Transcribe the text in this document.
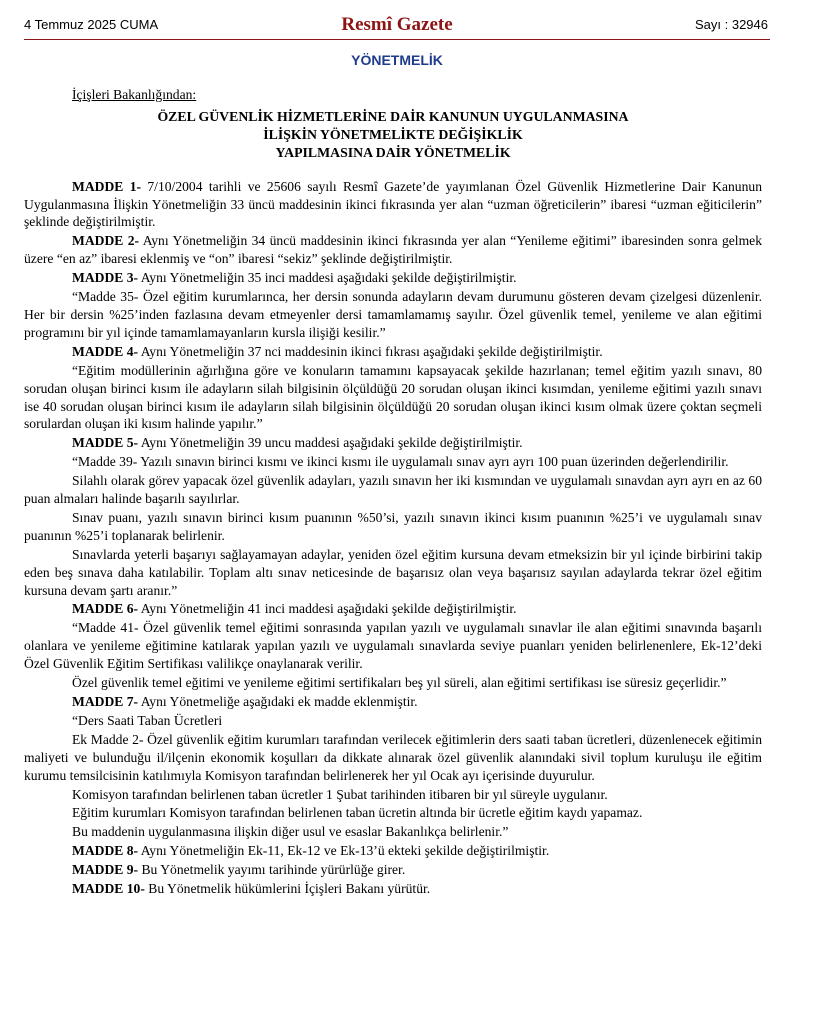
4 Temmuz 2025 CUMA	Resmî Gazete	Sayı : 32946
YÖNETMELİK
İçişleri Bakanlığından:
ÖZEL GÜVENLİK HİZMETLERİNE DAİR KANUNUN UYGULANMASINA
İLİŞKİN YÖNETMELİKTE DEĞİŞİKLİK
YAPILMASINA DAİR YÖNETMELİK

MADDE 1- 7/10/2004 tarihli ve 25606 sayılı Resmî Gazete’de yayımlanan Özel Güvenlik Hizmetlerine Dair Kanunun Uygulanmasına İlişkin Yönetmeliğin 33 üncü maddesinin ikinci fıkrasında yer alan “uzman öğreticilerin” ibaresi “uzman eğiticilerin” şeklinde değiştirilmiştir.

MADDE 2- Aynı Yönetmeliğin 34 üncü maddesinin ikinci fıkrasında yer alan “Yenileme eğitimi” ibaresinden sonra gelmek üzere “en az” ibaresi eklenmiş ve “on” ibaresi “sekiz” şeklinde değiştirilmiştir.

MADDE 3- Aynı Yönetmeliğin 35 inci maddesi aşağıdaki şekilde değiştirilmiştir.

“Madde 35- Özel eğitim kurumlarınca, her dersin sonunda adayların devam durumunu gösteren devam çizelgesi düzenlenir. Her bir dersin %25’inden fazlasına devam etmeyenler dersi tamamlamamış sayılır. Özel güvenlik temel, yenileme ve alan eğitimi programını bir yıl içinde tamamlamayanların kursla ilişiği kesilir.”

MADDE 4- Aynı Yönetmeliğin 37 nci maddesinin ikinci fıkrası aşağıdaki şekilde değiştirilmiştir.

“Eğitim modüllerinin ağırlığına göre ve konuların tamamını kapsayacak şekilde hazırlanan; temel eğitim yazılı sınavı, 80 sorudan oluşan birinci kısım ile adayların silah bilgisinin ölçüldüğü 20 sorudan oluşan ikinci kısımdan, yenileme eğitimi yazılı sınavı ise 40 sorudan oluşan birinci kısım ile adayların silah bilgisinin ölçüldüğü 20 sorudan oluşan ikinci kısım olmak üzere çoktan seçmeli sorulardan oluşan iki kısım halinde yapılır.”

MADDE 5- Aynı Yönetmeliğin 39 uncu maddesi aşağıdaki şekilde değiştirilmiştir.

“Madde 39- Yazılı sınavın birinci kısmı ve ikinci kısmı ile uygulamalı sınav ayrı ayrı 100 puan üzerinden değerlendirilir.

Silahlı olarak görev yapacak özel güvenlik adayları, yazılı sınavın her iki kısmından ve uygulamalı sınavdan ayrı ayrı en az 60 puan almaları halinde başarılı sayılırlar.

Sınav puanı, yazılı sınavın birinci kısım puanının %50’si, yazılı sınavın ikinci kısım puanının %25’i ve uygulamalı sınav puanının %25’i toplanarak belirlenir.

Sınavlarda yeterli başarıyı sağlayamayan adaylar, yeniden özel eğitim kursuna devam etmeksizin bir yıl içinde birbirini takip eden beş sınava daha katılabilir. Toplam altı sınav neticesinde de başarısız olan veya başarısız sayılan adaylarda tekrar özel eğitim kursuna devam şartı aranır.”

MADDE 6- Aynı Yönetmeliğin 41 inci maddesi aşağıdaki şekilde değiştirilmiştir.

“Madde 41- Özel güvenlik temel eğitimi sonrasında yapılan yazılı ve uygulamalı sınavlar ile alan eğitimi sınavında başarılı olanlara ve yenileme eğitimine katılarak yapılan yazılı ve uygulamalı sınavlarda seviye puanları yeniden belirlenenlere, Ek-12’deki Özel Güvenlik Eğitim Sertifikası valilikçe onaylanarak verilir.

Özel güvenlik temel eğitimi ve yenileme eğitimi sertifikaları beş yıl süreli, alan eğitimi sertifikası ise süresiz geçerlidir.”

MADDE 7- Aynı Yönetmeliğe aşağıdaki ek madde eklenmiştir.

“Ders Saati Taban Ücretleri

Ek Madde 2- Özel güvenlik eğitim kurumları tarafından verilecek eğitimlerin ders saati taban ücretleri, düzenlenecek eğitimin maliyeti ve bulunduğu il/ilçenin ekonomik koşulları da dikkate alınarak özel güvenlik alanındaki sivil toplum kuruluşu ile eğitim kurumu temsilcisinin katılımıyla Komisyon tarafından belirlenerek her yıl Ocak ayı içerisinde duyurulur.

Komisyon tarafından belirlenen taban ücretler 1 Şubat tarihinden itibaren bir yıl süreyle uygulanır.

Eğitim kurumları Komisyon tarafından belirlenen taban ücretin altında bir ücretle eğitim kaydı yapamaz.

Bu maddenin uygulanmasına ilişkin diğer usul ve esaslar Bakanlıkça belirlenir.”

MADDE 8- Aynı Yönetmeliğin Ek-11, Ek-12 ve Ek-13’ü ekteki şekilde değiştirilmiştir.

MADDE 9- Bu Yönetmelik yayımı tarihinde yürürlüğe girer.

MADDE 10- Bu Yönetmelik hükümlerini İçişleri Bakanı yürütür.
